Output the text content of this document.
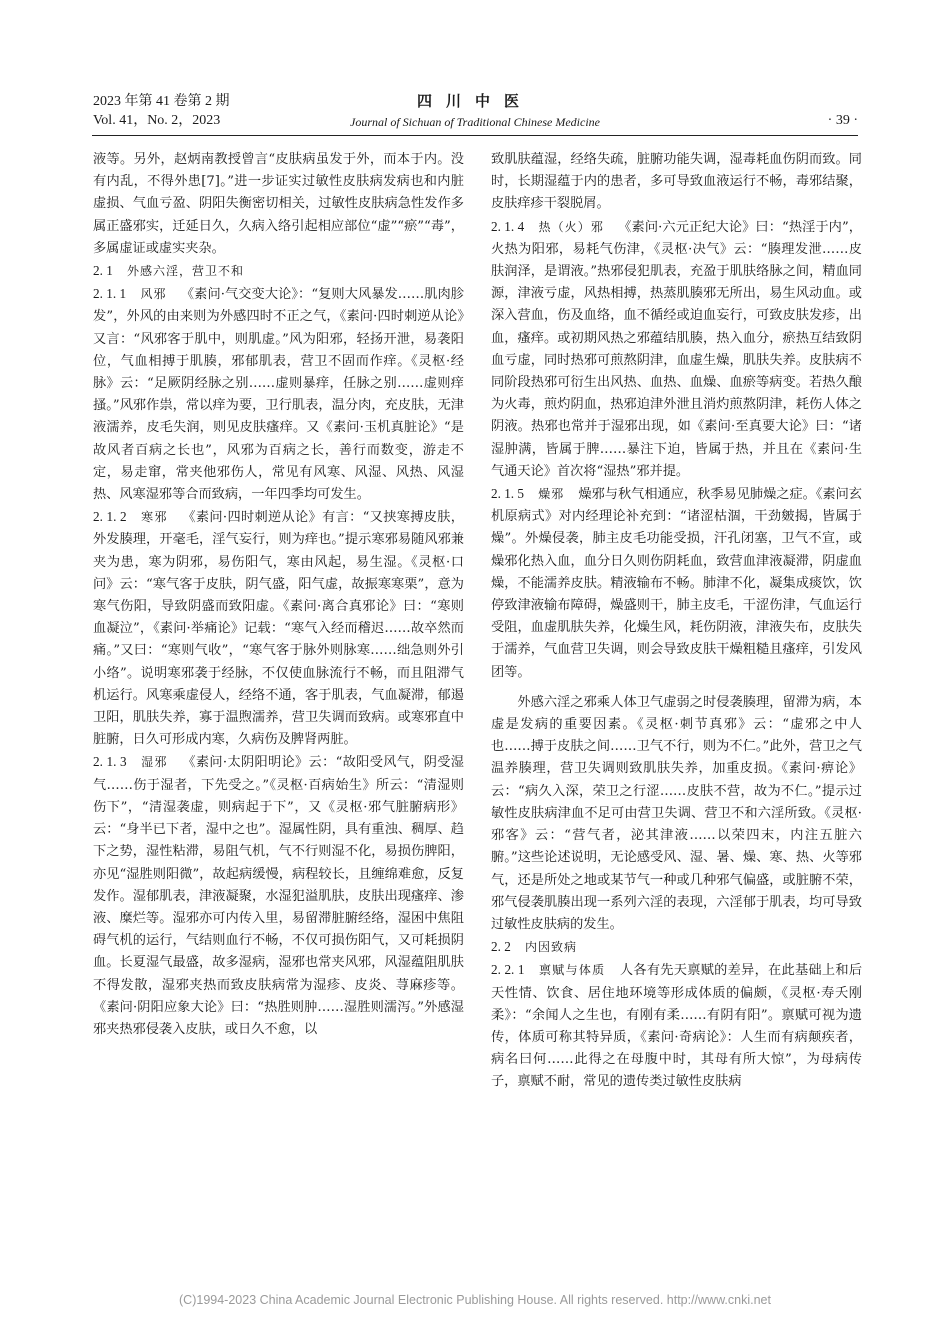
2023 年第 41 卷第 2 期
Vol. 41，No. 2，2023
四川中医
Journal of Sichuan of Traditional Chinese Medicine	· 39 ·

液等。另外，赵炳南教授曾言“皮肤病虽发于外，而本于内。没有内乱，不得外患[7]。”进一步证实过敏性皮肤病发病也和内脏虚损、气血亏盈、阴阳失衡密切相关，过敏性皮肤病急性发作多属正盛邪实，迁延日久，久病入络引起相应部位“虚”“瘀”“毒”，多属虚证或虚实夹杂。

2. 1 外感六淫，营卫不和

2. 1. 1 风邪 《素问·气交变大论》：“复则大风暴发……肌肉胗发”，外风的由来则为外感四时不正之气，《素问·四时刺逆从论》又言：“风邪客于肌中，则肌虚。”风为阳邪，轻扬开泄，易袭阳位，气血相搏于肌腠，邪郁肌表，营卫不固而作痒。《灵枢·经脉》云：“足厥阴经脉之别……虚则暴痒，任脉之别……虚则痒搔。”风邪作祟，常以痒为要，卫行肌表，温分肉，充皮肤，无津液濡养，皮毛失润，则见皮肤瘙痒。又《素问·玉机真脏论》“是故风者百病之长也”，风邪为百病之长，善行而数变，游走不定，易走窜，常夹他邪伤人，常见有风寒、风湿、风热、风湿热、风寒湿邪等合而致病，一年四季均可发生。

2. 1. 2 寒邪 《素问·四时刺逆从论》有言：“又挟寒搏皮肤，外发腠理，开毫毛，淫气妄行，则为痒也。”提示寒邪易随风邪兼夹为患，寒为阴邪，易伤阳气，寒由风起，易生湿。《灵枢·口问》云：“寒气客于皮肤，阴气盛，阳气虚，故振寒寒栗”，意为寒气伤阳，导致阴盛而致阳虚。《素问·离合真邪论》曰：“寒则血凝泣”，《素问·举痛论》记载：“寒气入经而稽迟……故卒然而痛。”又曰：“寒则气收”，“寒气客于脉外则脉寒……绌急则外引小络”。说明寒邪袭于经脉，不仅使血脉流行不畅，而且阻滞气机运行。风寒乘虚侵人，经络不通，客于肌表，气血凝滞，郁遏卫阳，肌肤失养，寡于温煦濡养，营卫失调而致病。或寒邪直中脏腑，日久可形成内寒，久病伤及脾肾两脏。

2. 1. 3 湿邪 《素问·太阴阳明论》云：“故阳受风气，阴受湿气……伤于湿者，下先受之。”《灵枢·百病始生》所云：“清湿则伤下”，“清湿袭虚，则病起于下”，又《灵枢·邪气脏腑病形》云：“身半已下者，湿中之也”。湿属性阴，具有重浊、稠厚、趋下之势，湿性粘滞，易阻气机，气不行则湿不化，易损伤脾阳，亦见“湿胜则阳微”，故起病缓慢，病程较长，且缠绵难愈，反复发作。湿郁肌表，津液凝聚，水湿犯溢肌肤，皮肤出现瘙痒、渗液、糜烂等。湿邪亦可内传入里，易留滞脏腑经络，湿困中焦阻碍气机的运行，气结则血行不畅，不仅可损伤阳气，又可耗损阴血。长夏湿气最盛，故多湿病，湿邪也常夹风邪，风湿蕴阻肌肤不得发散，湿邪夹热而致皮肤病常为湿疹、皮炎、荨麻疹等。《素问·阴阳应象大论》曰：“热胜则肿……湿胜则濡泻。”外感湿邪夹热邪侵袭入皮肤，或日久不愈，以

致肌肤蕴湿，经络失疏，脏腑功能失调，湿毒耗血伤阴而致。同时，长期湿蕴于内的患者，多可导致血液运行不畅，毒邪结聚，皮肤痒疹干裂脱屑。

2. 1. 4 热（火）邪 《素问·六元正纪大论》曰：“热淫于内”，火热为阳邪，易耗气伤津，《灵枢·决气》云：“腠理发泄……皮肤润泽，是谓液。”热邪侵犯肌表，充盈于肌肤络脉之间，精血同源，津液亏虚，风热相搏，热蒸肌腠邪无所出，易生风动血。或深入营血，伤及血络，血不循经或迫血妄行，可致皮肤发疹，出血，瘙痒。或初期风热之邪蕴结肌腠，热入血分，瘀热互结致阴血亏虚，同时热邪可煎熬阴津，血虚生燥，肌肤失养。皮肤病不同阶段热邪可衍生出风热、血热、血燥、血瘀等病变。若热久酿为火毒，煎灼阴血，热邪迫津外泄且消灼煎熬阴津，耗伤人体之阴液。热邪也常并于湿邪出现，如《素问·至真要大论》曰：“诸湿肿满，皆属于脾……暴注下迫，皆属于热，并且在《素问·生气通天论》首次将“湿热”邪并提。

2. 1. 5 燥邪 燥邪与秋气相通应，秋季易见肺燥之症。《素问玄机原病式》对内经理论补充到：“诸涩枯涸，干劲皴揭，皆属于燥”。外燥侵袭，肺主皮毛功能受损，汗孔闭塞，卫气不宣，或燥邪化热入血，血分日久则伤阴耗血，致营血津液凝滞，阴虚血燥，不能濡养皮肤。精液输布不畅。肺津不化，凝集成痰饮，饮停致津液输布障碍，燥盛则干，肺主皮毛，干涩伤津，气血运行受阻，血虚肌肤失养，化燥生风，耗伤阴液，津液失布，皮肤失于濡养，气血营卫失调，则会导致皮肤干燥粗糙且瘙痒，引发风团等。

外感六淫之邪乘人体卫气虚弱之时侵袭腠理，留滞为病，本虚是发病的重要因素。《灵枢·刺节真邪》云：“虚邪之中人也……搏于皮肤之间……卫气不行，则为不仁。”此外，营卫之气温养腠理，营卫失调则致肌肤失养，加重皮损。《素问·痹论》云：“病久入深，荣卫之行涩……皮肤不营，故为不仁。”提示过敏性皮肤病津血不足可由营卫失调、营卫不和六淫所致。《灵枢·邪客》云：“营气者，泌其津液……以荣四末，内注五脏六腑。”这些论述说明，无论感受风、湿、暑、燥、寒、热、火等邪气，还是所处之地或某节气一种或几种邪气偏盛，或脏腑不荣，邪气侵袭肌腠出现一系列六淫的表现，六淫郁于肌表，均可导致过敏性皮肤病的发生。

2. 2 内因致病

2. 2. 1 禀赋与体质 人各有先天禀赋的差异，在此基础上和后天性情、饮食、居住地环境等形成体质的偏颇，《灵枢·寿夭刚柔》：“余闻人之生也，有刚有柔……有阴有阳”。禀赋可视为遗传，体质可称其特异质，《素问·奇病论》：人生而有病颠疾者，病名曰何……此得之在母腹中时，其母有所大惊”，为母病传子，禀赋不耐，常见的遗传类过敏性皮肤病

(C)1994-2023 China Academic Journal Electronic Publishing House. All rights reserved. http://www.cnki.net
